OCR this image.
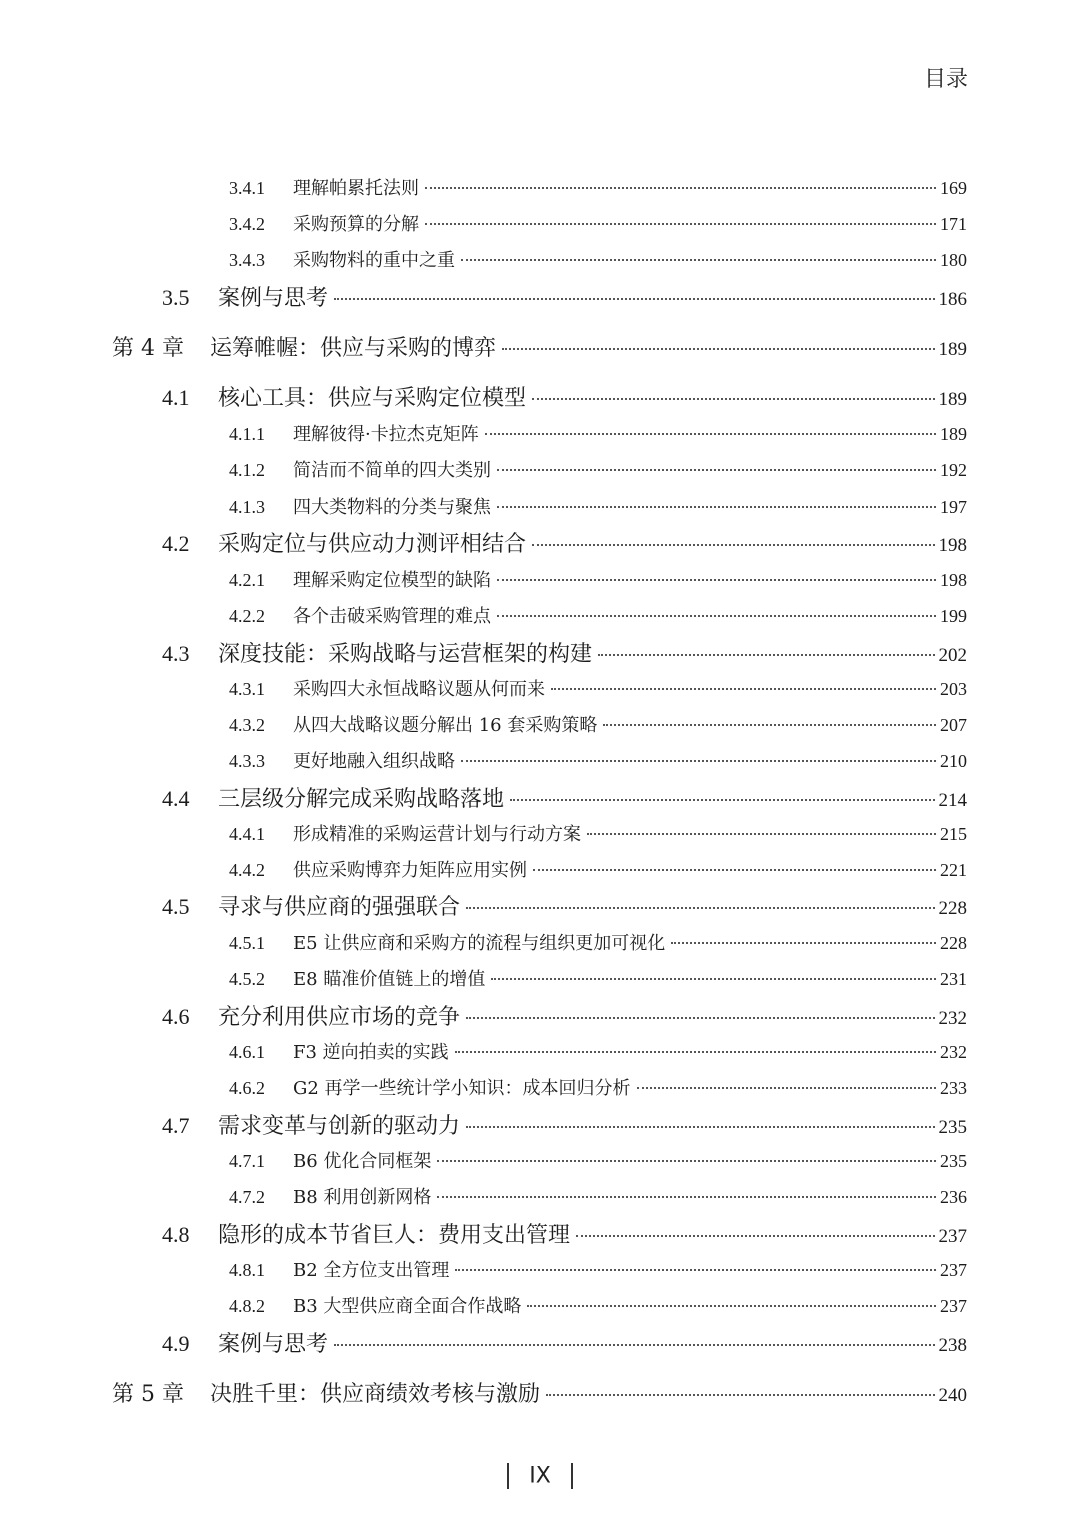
目录
3.4.1	理解帕累托法则	169
3.4.2	采购预算的分解	171
3.4.3	采购物料的重中之重	180
3.5	案例与思考	186
第 4 章	运筹帷幄：供应与采购的博弈	189
4.1	核心工具：供应与采购定位模型	189
4.1.1	理解彼得·卡拉杰克矩阵	189
4.1.2	简洁而不简单的四大类别	192
4.1.3	四大类物料的分类与聚焦	197
4.2	采购定位与供应动力测评相结合	198
4.2.1	理解采购定位模型的缺陷	198
4.2.2	各个击破采购管理的难点	199
4.3	深度技能：采购战略与运营框架的构建	202
4.3.1	采购四大永恒战略议题从何而来	203
4.3.2	从四大战略议题分解出 16 套采购策略	207
4.3.3	更好地融入组织战略	210
4.4	三层级分解完成采购战略落地	214
4.4.1	形成精准的采购运营计划与行动方案	215
4.4.2	供应采购博弈力矩阵应用实例	221
4.5	寻求与供应商的强强联合	228
4.5.1	E5 让供应商和采购方的流程与组织更加可视化	228
4.5.2	E8 瞄准价值链上的增值	231
4.6	充分利用供应市场的竞争	232
4.6.1	F3 逆向拍卖的实践	232
4.6.2	G2 再学一些统计学小知识：成本回归分析	233
4.7	需求变革与创新的驱动力	235
4.7.1	B6 优化合同框架	235
4.7.2	B8 利用创新网格	236
4.8	隐形的成本节省巨人：费用支出管理	237
4.8.1	B2 全方位支出管理	237
4.8.2	B3 大型供应商全面合作战略	237
4.9	案例与思考	238
第 5 章	决胜千里：供应商绩效考核与激励	240
IX
